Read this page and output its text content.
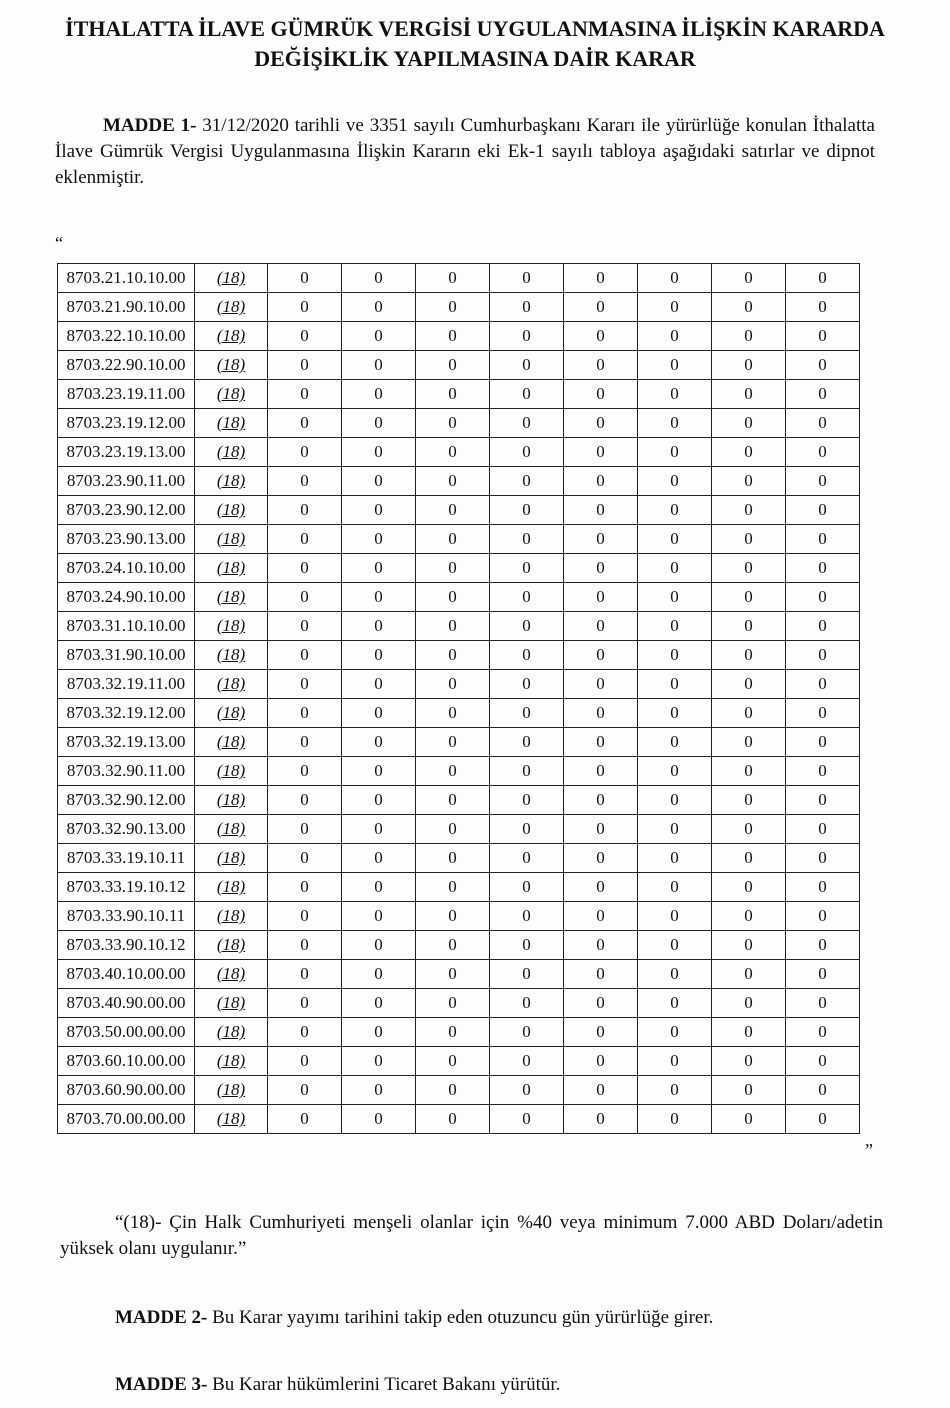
İTHALATTA İLAVE GÜMRÜK VERGİSİ UYGULANMASINA İLİŞKİN KARARDA
DEĞİŞİKLİK YAPILMASINA DAİR KARAR
MADDE 1- 31/12/2020 tarihli ve 3351 sayılı Cumhurbaşkanı Kararı ile yürürlüğe konulan İthalatta İlave Gümrük Vergisi Uygulanmasına İlişkin Kararın eki Ek-1 sayılı tabloya aşağıdaki satırlar ve dipnot eklenmiştir.
“
8703.21.10.10.00	(18)	0	0	0	0	0	0	0	0
8703.21.90.10.00	(18)	0	0	0	0	0	0	0	0
8703.22.10.10.00	(18)	0	0	0	0	0	0	0	0
8703.22.90.10.00	(18)	0	0	0	0	0	0	0	0
8703.23.19.11.00	(18)	0	0	0	0	0	0	0	0
8703.23.19.12.00	(18)	0	0	0	0	0	0	0	0
8703.23.19.13.00	(18)	0	0	0	0	0	0	0	0
8703.23.90.11.00	(18)	0	0	0	0	0	0	0	0
8703.23.90.12.00	(18)	0	0	0	0	0	0	0	0
8703.23.90.13.00	(18)	0	0	0	0	0	0	0	0
8703.24.10.10.00	(18)	0	0	0	0	0	0	0	0
8703.24.90.10.00	(18)	0	0	0	0	0	0	0	0
8703.31.10.10.00	(18)	0	0	0	0	0	0	0	0
8703.31.90.10.00	(18)	0	0	0	0	0	0	0	0
8703.32.19.11.00	(18)	0	0	0	0	0	0	0	0
8703.32.19.12.00	(18)	0	0	0	0	0	0	0	0
8703.32.19.13.00	(18)	0	0	0	0	0	0	0	0
8703.32.90.11.00	(18)	0	0	0	0	0	0	0	0
8703.32.90.12.00	(18)	0	0	0	0	0	0	0	0
8703.32.90.13.00	(18)	0	0	0	0	0	0	0	0
8703.33.19.10.11	(18)	0	0	0	0	0	0	0	0
8703.33.19.10.12	(18)	0	0	0	0	0	0	0	0
8703.33.90.10.11	(18)	0	0	0	0	0	0	0	0
8703.33.90.10.12	(18)	0	0	0	0	0	0	0	0
8703.40.10.00.00	(18)	0	0	0	0	0	0	0	0
8703.40.90.00.00	(18)	0	0	0	0	0	0	0	0
8703.50.00.00.00	(18)	0	0	0	0	0	0	0	0
8703.60.10.00.00	(18)	0	0	0	0	0	0	0	0
8703.60.90.00.00	(18)	0	0	0	0	0	0	0	0
8703.70.00.00.00	(18)	0	0	0	0	0	0	0	0
”
“(18)- Çin Halk Cumhuriyeti menşeli olanlar için %40 veya minimum 7.000 ABD Doları/adetin yüksek olanı uygulanır.”
MADDE 2- Bu Karar yayımı tarihini takip eden otuzuncu gün yürürlüğe girer.
MADDE 3- Bu Karar hükümlerini Ticaret Bakanı yürütür.
